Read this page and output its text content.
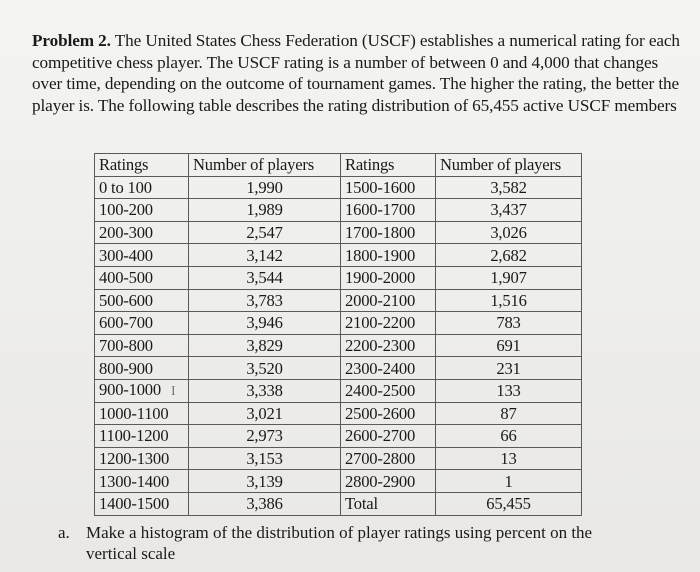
Problem 2. The United States Chess Federation (USCF) establishes a numerical rating for each competitive chess player. The USCF rating is a number of between 0 and 4,000 that changes over time, depending on the outcome of tournament games. The higher the rating, the better the player is. The following table describes the rating distribution of 65,455 active USCF members

Ratings	Number of players	Ratings	Number of players
0 to 100	1,990	1500-1600	3,582
100-200	1,989	1600-1700	3,437
200-300	2,547	1700-1800	3,026
300-400	3,142	1800-1900	2,682
400-500	3,544	1900-2000	1,907
500-600	3,783	2000-2100	1,516
600-700	3,946	2100-2200	783
700-800	3,829	2200-2300	691
800-900	3,520	2300-2400	231
900-1000 I	3,338	2400-2500	133
1000-1100	3,021	2500-2600	87
1100-1200	2,973	2600-2700	66
1200-1300	3,153	2700-2800	13
1300-1400	3,139	2800-2900	1
1400-1500	3,386	Total	65,455
a. Make a histogram of the distribution of player ratings using percent on the vertical scale
